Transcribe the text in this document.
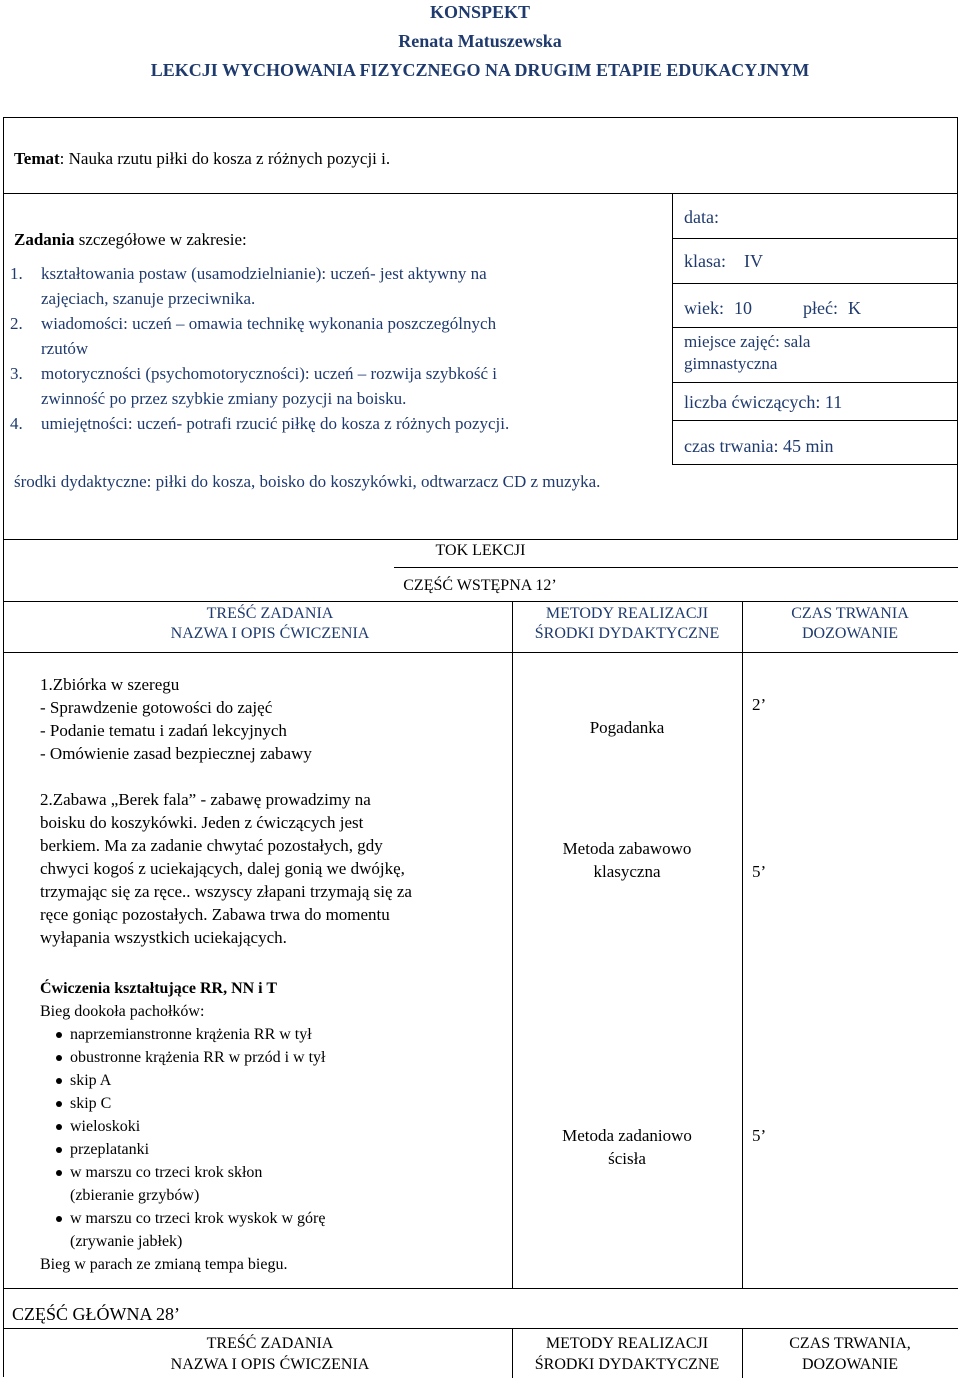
KONSPEKT
Renata Matuszewska
LEKCJI WYCHOWANIA FIZYCZNEGO NA DRUGIM ETAPIE EDUKACYJNYM
Temat: Nauka rzutu piłki do kosza z różnych pozycji i.
Zadania szczegółowe w zakresie:
1. kształtowania postaw (usamodzielnianie): uczeń- jest aktywny na
zajęciach, szanuje przeciwnika.
2. wiadomości: uczeń – omawia technikę wykonania poszczególnych
rzutów
3. motoryczności (psychomotoryczności): uczeń – rozwija szybkość i
zwinność po przez szybkie zmiany pozycji na boisku.
4. umiejętności: uczeń- potrafi rzucić piłkę do kosza z różnych pozycji.
data:
klasa: IV
wiek: 10	płeć: K
miejsce zajęć: sala
gimnastyczna
liczba ćwiczących: 11
czas trwania: 45 min
środki dydaktyczne: piłki do kosza, boisko do koszykówki, odtwarzacz CD z muzyka.
TOK LEKCJI
CZĘŚĆ WSTĘPNA 12’
TREŚĆ ZADANIA
NAZWA I OPIS ĆWICZENIA
METODY REALIZACJI
ŚRODKI DYDAKTYCZNE
CZAS TRWANIA
DOZOWANIE
1.Zbiórka w szeregu
- Sprawdzenie gotowości do zajęć
- Podanie tematu i zadań lekcyjnych
- Omówienie zasad bezpiecznej zabawy
Pogadanka
2’
2.Zabawa „Berek fala” - zabawę prowadzimy na
boisku do koszykówki. Jeden z ćwiczących jest
berkiem. Ma za zadanie chwytać pozostałych, gdy
chwyci kogoś z uciekających, dalej gonią we dwójkę,
trzymając się za ręce.. wszyscy złapani trzymają się za
ręce goniąc pozostałych. Zabawa trwa do momentu
wyłapania wszystkich uciekających.
Metoda zabawowo
klasyczna	5’
Ćwiczenia kształtujące RR, NN i T
Bieg dookoła pachołków:
naprzemianstronne krążenia RR w tył
obustronne krążenia RR w przód i w tył
skip A
skip C
wieloskoki
przeplatanki
w marszu co trzeci krok skłon
(zbieranie grzybów)
w marszu co trzeci krok wyskok w górę
(zrywanie jabłek)
Bieg w parach ze zmianą tempa biegu.
Metoda zadaniowo
ścisła
5’
CZĘŚĆ GŁÓWNA 28’
TREŚĆ ZADANIA
NAZWA I OPIS ĆWICZENIA
METODY REALIZACJI
ŚRODKI DYDAKTYCZNE
CZAS TRWANIA,
DOZOWANIE
